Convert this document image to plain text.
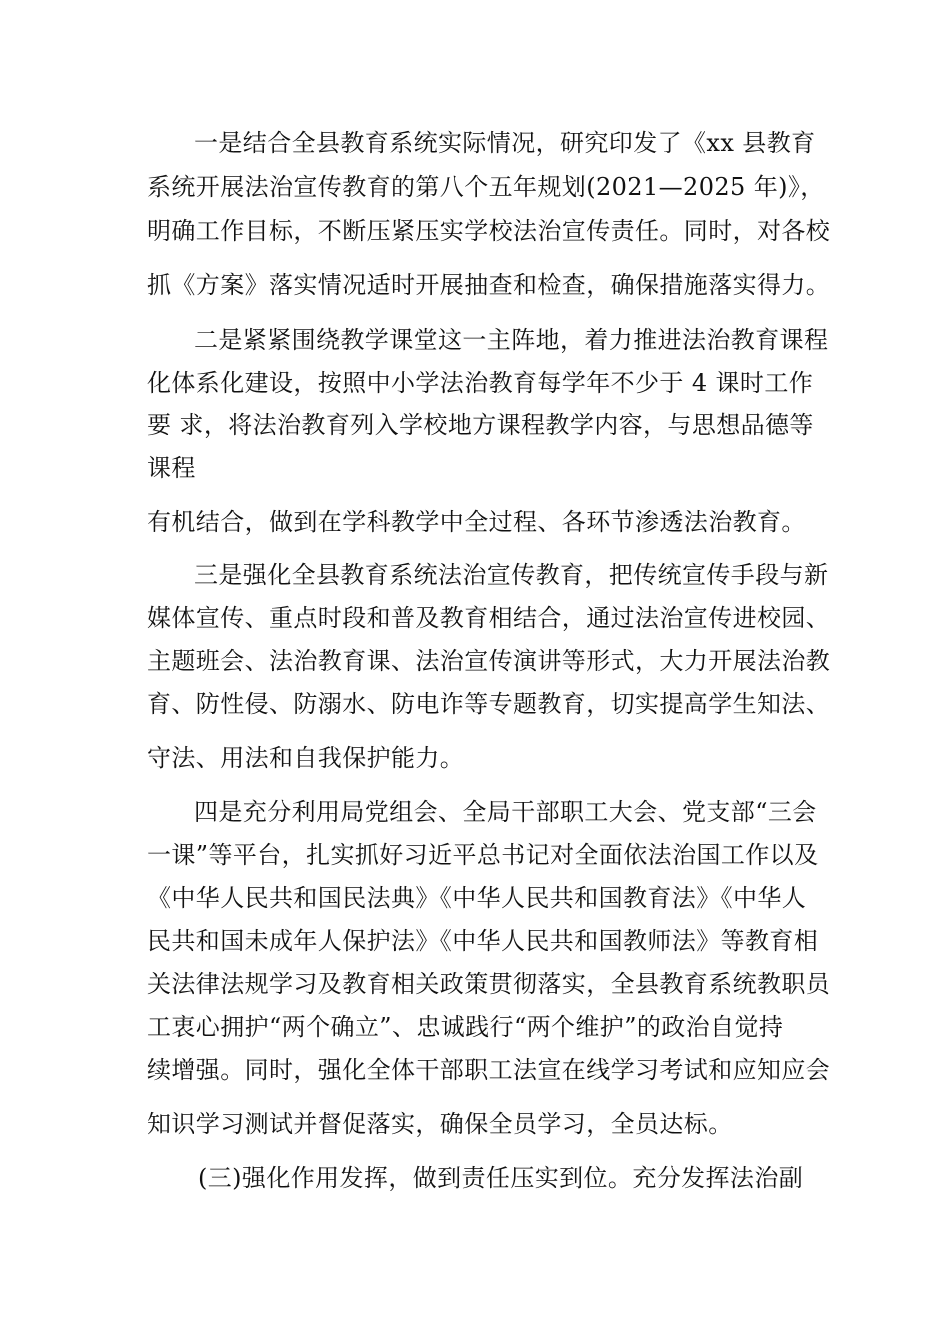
一是结合全县教育系统实际情况，研究印发了《xx 县教育
系统开展法治宣传教育的第八个五年规划(2021—2025 年)》，
明确工作目标，不断压紧压实学校法治宣传责任。同时，对各校
抓《方案》落实情况适时开展抽查和检查，确保措施落实得力。
二是紧紧围绕教学课堂这一主阵地，着力推进法治教育课程
化体系化建设，按照中小学法治教育每学年不少于 4 课时工作
要 求，将法治教育列入学校地方课程教学内容，与思想品德等
课程
有机结合，做到在学科教学中全过程、各环节渗透法治教育。
三是强化全县教育系统法治宣传教育，把传统宣传手段与新
媒体宣传、重点时段和普及教育相结合，通过法治宣传进校园、
主题班会、法治教育课、法治宣传演讲等形式，大力开展法治教
育、防性侵、防溺水、防电诈等专题教育，切实提高学生知法、
守法、用法和自我保护能力。
四是充分利用局党组会、全局干部职工大会、党支部“三会
一课”等平台，扎实抓好习近平总书记对全面依法治国工作以及
《中华人民共和国民法典》《中华人民共和国教育法》《中华人
民共和国未成年人保护法》《中华人民共和国教师法》等教育相
关法律法规学习及教育相关政策贯彻落实，全县教育系统教职员
工衷心拥护“两个确立”、忠诚践行“两个维护”的政治自觉持
续增强。同时，强化全体干部职工法宣在线学习考试和应知应会
知识学习测试并督促落实，确保全员学习，全员达标。
(三)强化作用发挥，做到责任压实到位。充分发挥法治副
